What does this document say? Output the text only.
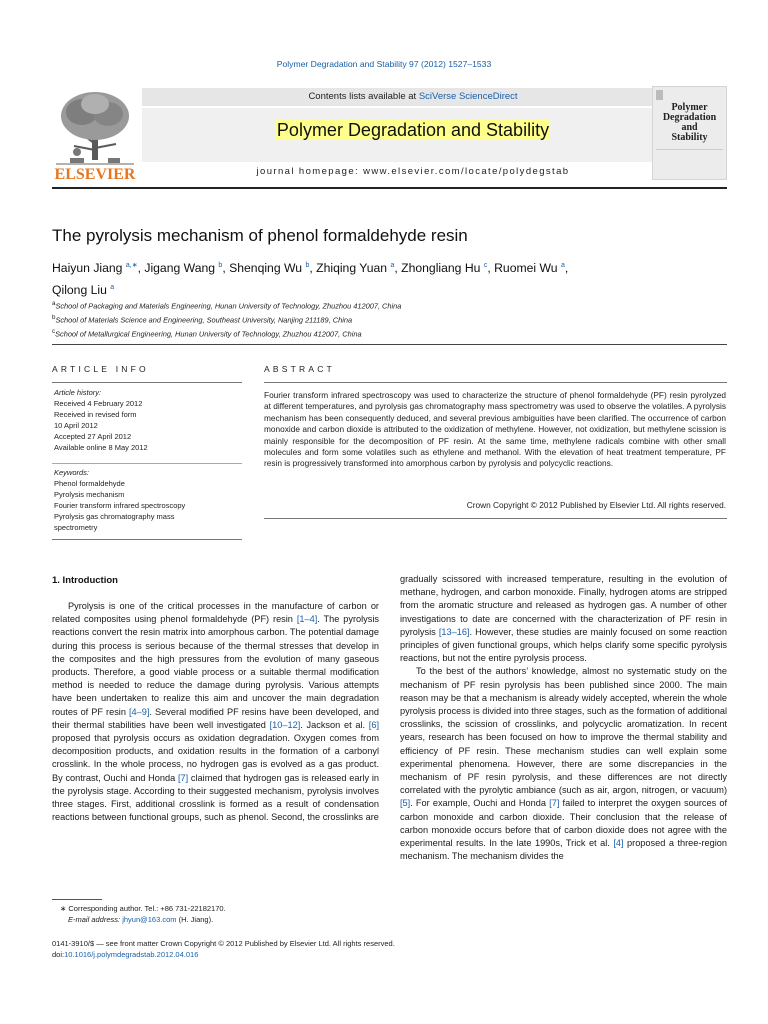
Polymer Degradation and Stability 97 (2012) 1527–1533
ELSEVIER
Contents lists available at SciVerse ScienceDirect
Polymer Degradation and Stability
journal homepage: www.elsevier.com/locate/polydegstab
Polymer
Degradation
and
Stability
The pyrolysis mechanism of phenol formaldehyde resin
Haiyun Jiang $^{a,∗}$, Jigang Wang $^b$, Shenqing Wu $^b$, Zhiqing Yuan $^a$, Zhongliang Hu $^c$, Ruomei Wu $^a$,
Qilong Liu $^a$
$^a$School of Packaging and Materials Engineering, Hunan University of Technology, Zhuzhou 412007, China
$^b$School of Materials Science and Engineering, Southeast University, Nanjing 211189, China
$^c$School of Metallurgical Engineering, Hunan University of Technology, Zhuzhou 412007, China
ARTICLE INFO	ABSTRACT
Article history:
Received 4 February 2012
Received in revised form
10 April 2012
Accepted 27 April 2012
Available online 8 May 2012
Keywords:
Phenol formaldehyde
Pyrolysis mechanism
Fourier transform infrared spectroscopy
Pyrolysis gas chromatography mass
spectrometry
Fourier transform infrared spectroscopy was used to characterize the structure of phenol formaldehyde (PF) resin pyrolyzed at different temperatures, and pyrolysis gas chromatography mass spectrometry was used to observe the volatiles. A pyrolysis mechanism has been consequently deduced, and several previous ambiguities have been clarified. The occurrence of carbon monoxide and carbon dioxide is attributed to the oxidization of methylene. However, not oxidization, but methylene scission is mainly responsible for the decomposition of PF resin. At the same time, methylene radicals combine with other small molecules and form some volatiles such as ethylene and methanol. With the elevation of heat treatment temperature, PF resin is progressively transformed into amorphous carbon by pyrolysis and polycyclic reactions.
Crown Copyright © 2012 Published by Elsevier Ltd. All rights reserved.
1. Introduction

Pyrolysis is one of the critical processes in the manufacture of carbon or related composites using phenol formaldehyde (PF) resin [1–4]. The pyrolysis reactions convert the resin matrix into amorphous carbon. The potential damage during this process is serious because of the thermal stresses that develop in the composites and the high pressures from the evolution of many gaseous products. Therefore, a good viable process or a suitable thermal modification method is needed to reduce the damage during pyrolysis. Various attempts have been undertaken to realize this aim and uncover the main degradation routes of PF resin [4–9]. Several modified PF resins have been developed, and their thermal stabilities have been well investigated [10–12]. Jackson et al. [6] proposed that pyrolysis occurs as oxidation degradation. Oxygen comes from decomposition products, and oxidation results in the formation of a carbonyl crosslink. In the whole process, no hydrogen gas is evolved as a gas product. By contrast, Ouchi and Honda [7] claimed that hydrogen gas is released early in the pyrolysis stage. According to their suggested mechanism, pyrolysis involves three stages. First, additional crosslink is formed as a result of condensation reactions between functional groups, such as phenol. Second, the crosslinks are

gradually scissored with increased temperature, resulting in the evolution of methane, hydrogen, and carbon monoxide. Finally, hydrogen atoms are stripped from the aromatic structure and released as hydrogen gas. A number of other investigations to date are concerned with the characterization of PF resin in pyrolysis [13–16]. However, these studies are mainly focused on some reaction principles of given functional groups, which helps clarify some specific pyrolysis reactions, but not the entire pyrolysis process.

To the best of the authors’ knowledge, almost no systematic study on the mechanism of PF resin pyrolysis has been published since 2000. The main reason may be that a mechanism is already widely accepted, wherein the whole pyrolysis process is divided into three stages, such as the formation of additional crosslinks, the scission of crosslinks, and polycyclic aromatization. In recent years, research has been focused on how to improve the thermal stability and efficiency of PF resin. These mechanism studies can well explain some experimental phenomena. However, there are some discrepancies in the mechanism of PF resin pyrolysis, and these differences are not directly correlated with the pyrolytic ambiance (such as air, argon, nitrogen, or vacuum) [5]. For example, Ouchi and Honda [7] failed to interpret the oxygen sources of carbon monoxide and carbon dioxide. Their conclusion that the release of carbon monoxide occurs before that of carbon dioxide does not agree with the experimental results. In the late 1990s, Trick et al. [4] proposed a three-region mechanism. The mechanism divides the

∗ Corresponding author. Tel.: +86 731-22182170.
E-mail address: jhyun@163.com (H. Jiang).
0141-3910/$ — see front matter Crown Copyright © 2012 Published by Elsevier Ltd. All rights reserved.
doi:10.1016/j.polymdegradstab.2012.04.016
